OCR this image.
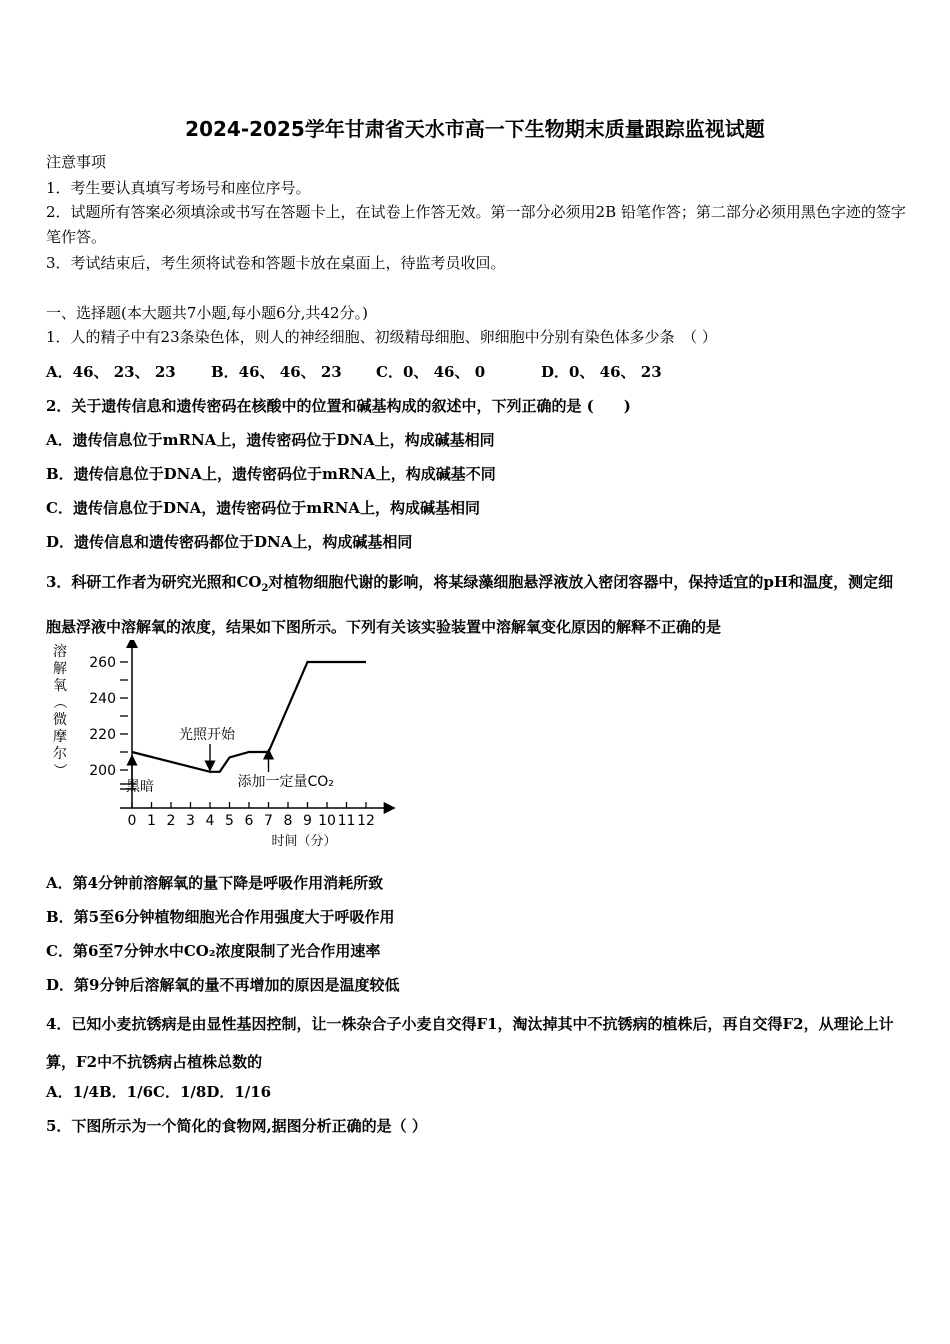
2024-2025学年甘肃省天水市高一下生物期末质量跟踪监视试题
注意事项
1．考生要认真填写考场号和座位序号。
2．试题所有答案必须填涂或书写在答题卡上，在试卷上作答无效。第一部分必须用2B 铅笔作答；第二部分必须用黑色字迹的签字笔作答。
3．考试结束后，考生须将试卷和答题卡放在桌面上，待监考员收回。
一、选择题(本大题共7小题,每小题6分,共42分。)
1．人的精子中有23条染色体，则人的神经细胞、初级精母细胞、卵细胞中分别有染色体多少条　（ ）
A．46、 23、 23 B．46、 46、 23 C．0、 46、 0	D．0、 46、 23
2．关于遗传信息和遗传密码在核酸中的位置和碱基构成的叙述中，下列正确的是 (　　)
A．遗传信息位于mRNA上，遗传密码位于DNA上，构成碱基相同
B．遗传信息位于DNA上，遗传密码位于mRNA上，构成碱基不同
C．遗传信息位于DNA，遗传密码位于mRNA上，构成碱基相同
D．遗传信息和遗传密码都位于DNA上，构成碱基相同
3．科研工作者为研究光照和$CO_2$对植物细胞代谢的影响，将某绿藻细胞悬浮液放入密闭容器中，保持适宜的pH和温度，测定细胞悬浮液中溶解氧的浓度，结果如下图所示。下列有关该实验装置中溶解氧变化原因的解释不正确的是
200
220
240
260
0 1 2 3 4 5 6 7 8 9 10 11 12
溶
解
氧
（
微
摩
尔
）
时间（分）
黑暗
光照开始
添加一定量CO₂
A．第4分钟前溶解氧的量下降是呼吸作用消耗所致
B．第5至6分钟植物细胞光合作用强度大于呼吸作用
C．第6至7分钟水中CO₂浓度限制了光合作用速率
D．第9分钟后溶解氧的量不再增加的原因是温度较低
4．已知小麦抗锈病是由显性基因控制，让一株杂合子小麦自交得F1，淘汰掉其中不抗锈病的植株后，再自交得F2，从理论上计算，F2中不抗锈病占植株总数的
A．1/4B．1/6C．1/8D．1/16
5．下图所示为一个简化的食物网,据图分析正确的是（ ）
